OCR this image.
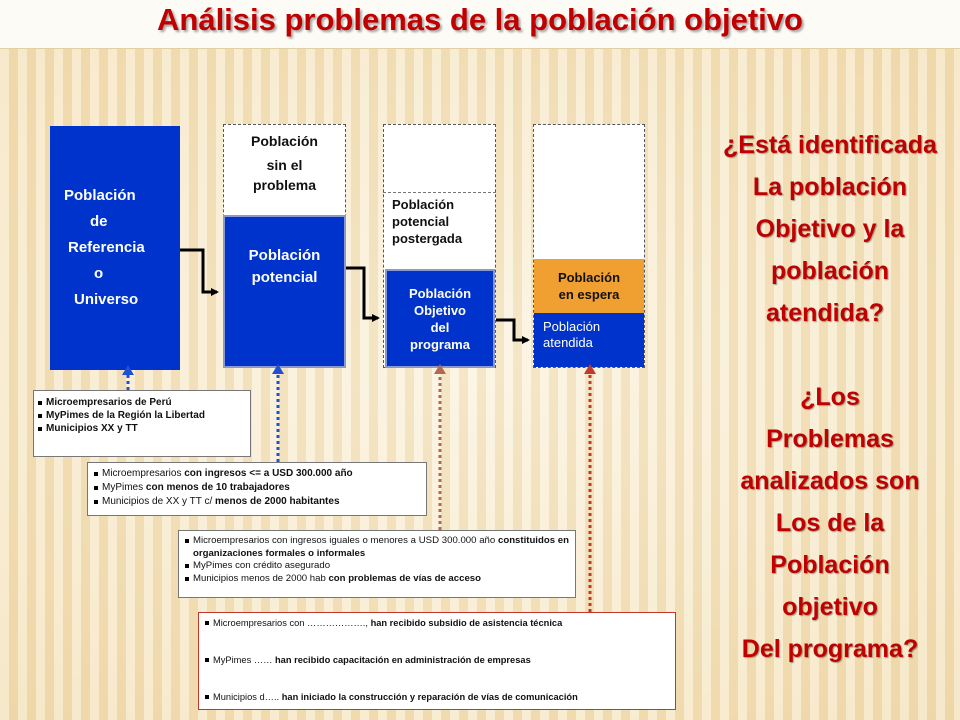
Análisis problemas de la población objetivo
Población
de
Referencia
o
Universo
Población
sin el
problema
Población
potencial
Población
potencial
postergada
Población
Objetivo
del
programa
Población
en espera
Población
atendida
Microempresarios de Perú
MyPimes de la Región la Libertad
Municipios XX y TT
Microempresarios con ingresos <= a USD 300.000 año
MyPimes con menos de 10 trabajadores
Municipios de XX y TT c/ menos de 2000 habitantes
Microempresarios con ingresos iguales o menores a USD 300.000 año constituidos en organizaciones formales o informales
MyPimes con crédito asegurado
Municipios menos de 2000 hab con problemas de vías de acceso
Microempresarios con ………………., han recibido subsidio de asistencia técnica
MyPimes …… han recibido capacitación en administración de empresas
Municipios d….. han iniciado la construcción y reparación de vías de comunicación
¿Está identificada
La población
Objetivo y la
población
atendida?
¿Los
Problemas
analizados son
Los de la
Población
objetivo
Del programa?
